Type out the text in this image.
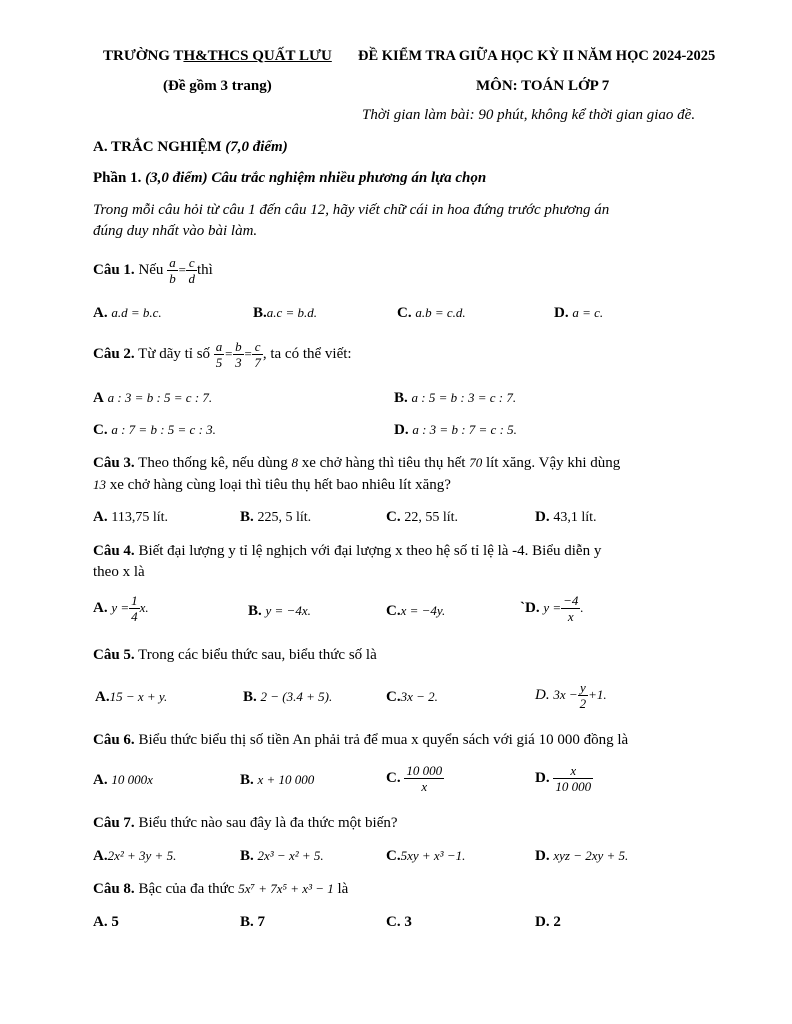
TRƯỜNG TH&THCS QUẤT LƯU ĐỀ KIỂM TRA GIỮA HỌC KỲ II NĂM HỌC 2024-2025
(Đề gồm 3 trang)	MÔN: TOÁN LỚP 7
Thời gian làm bài: 90 phút, không kể thời gian giao đề.
A. TRẮC NGHIỆM (7,0 điểm)
Phần 1. (3,0 điểm) Câu trắc nghiệm nhiều phương án lựa chọn
Trong mỗi câu hỏi từ câu 1 đến câu 12, hãy viết chữ cái in hoa đứng trước phương án
đúng duy nhất vào bài làm.
Câu 1. Nếu $\frac{a}{b} = \frac{c}{d}$ thì
A. a.d = b.c.	B.a.c = b.d.	C. a.b = c.d.	D. a = c.
Câu 2. Từ dãy tỉ số $\frac{a}{5} = \frac{b}{3} = \frac{c}{7}$ , ta có thể viết:
A a : 3 = b : 5 = c : 7.	B. a : 5 = b : 3 = c : 7.
C. a : 7 = b : 5 = c : 3.	D. a : 3 = b : 7 = c : 5.
Câu 3. Theo thống kê, nếu dùng 8 xe chở hàng thì tiêu thụ hết 70 lít xăng. Vậy khi dùng
13 xe chở hàng cùng loại thì tiêu thụ hết bao nhiêu lít xăng?
A. 113,75 lít.	B. 225, 5 lít.	C. 22, 55 lít.	D. 43,1 lít.
Câu 4. Biết đại lượng y tỉ lệ nghịch với đại lượng x theo hệ số tỉ lệ là -4. Biểu diễn y
theo x là
A. $y = \frac{1}{4} x$.	B. y = −4x.	C.x = −4y.	`D. $y = \frac{-4}{x}$ .
Câu 5. Trong các biểu thức sau, biểu thức số là
A.15 − x + y.	B. 2 − (3.4 + 5).	C.3x − 2.	D. $3x - \frac{y}{2} +1$.
Câu 6. Biểu thức biểu thị số tiền An phải trả để mua x quyển sách với giá 10 000 đồng là
A. 10 000x	B. x + 10 000	C. $\frac{10 000}{x}$	D. $\frac{x}{10 000}$
Câu 7. Biểu thức nào sau đây là đa thức một biến?
A.2x² + 3y + 5.	B. 2x³ − x² + 5.	C.5xy + x³ −1.	D. xyz − 2xy + 5.
Câu 8. Bậc của đa thức 5x⁷ + 7x⁵ + x³ − 1 là
A. 5	B. 7	C. 3	D. 2
